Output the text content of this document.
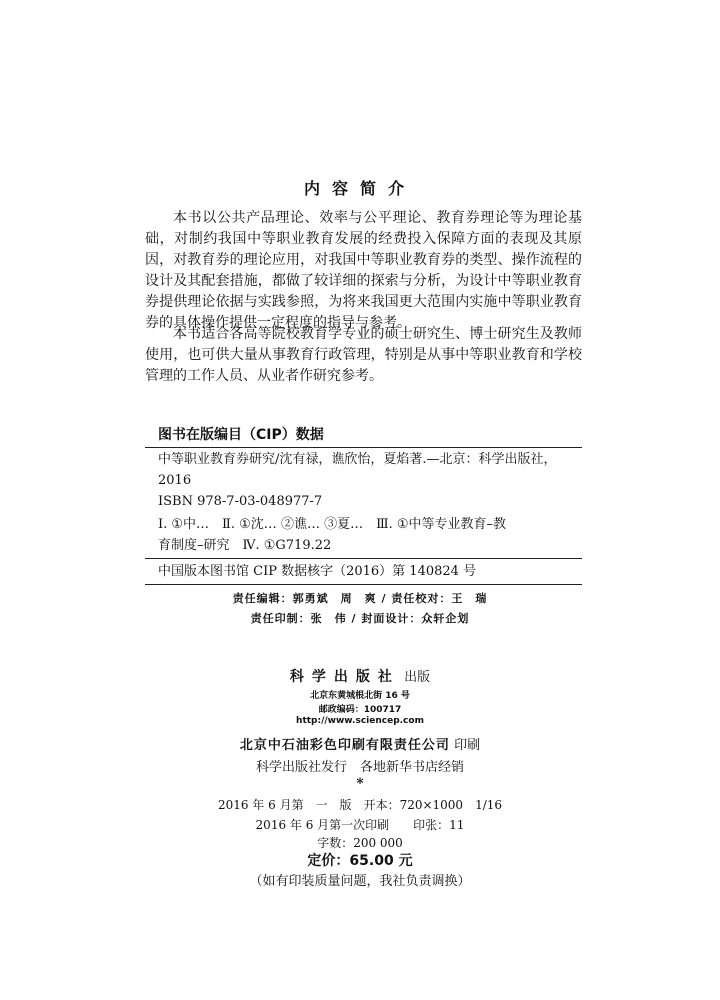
内容简介

本书以公共产品理论、效率与公平理论、教育券理论等为理论基础，对制约我国中等职业教育发展的经费投入保障方面的表现及其原因，对教育券的理论应用，对我国中等职业教育券的类型、操作流程的设计及其配套措施，都做了较详细的探索与分析，为设计中等职业教育券提供理论依据与实践参照，为将来我国更大范围内实施中等职业教育券的具体操作提供一定程度的指导与参考。

本书适合各高等院校教育学专业的硕士研究生、博士研究生及教师使用，也可供大量从事教育行政管理，特别是从事中等职业教育和学校管理的工作人员、从业者作研究参考。

图书在版编目（CIP）数据

中等职业教育券研究/沈有禄，谯欣怡，夏焰著.—北京：科学出版社，

2016

ISBN 978-7-03-048977-7

Ⅰ. ①中…　Ⅱ. ①沈… ②谯… ③夏…　Ⅲ. ①中等专业教育–教

育制度–研究　Ⅳ. ①G719.22

中国版本图书馆 CIP 数据核字（2016）第 140824 号

责任编辑：郭勇斌　周　爽 / 责任校对：王　瑞
责任印制：张　伟 / 封面设计：众轩企划
科学出版社 出版
北京东黄城根北街 16 号
邮政编码：100717
http://www.sciencep.com
北京中石油彩色印刷有限责任公司 印刷
科学出版社发行　各地新华书店经销
*
2016 年 6 月第　一　版　开本：720×1000　1/16
2016 年 6 月第一次印刷　　印张：11
字数：200 000
定价：65.00 元
（如有印装质量问题，我社负责调换）
